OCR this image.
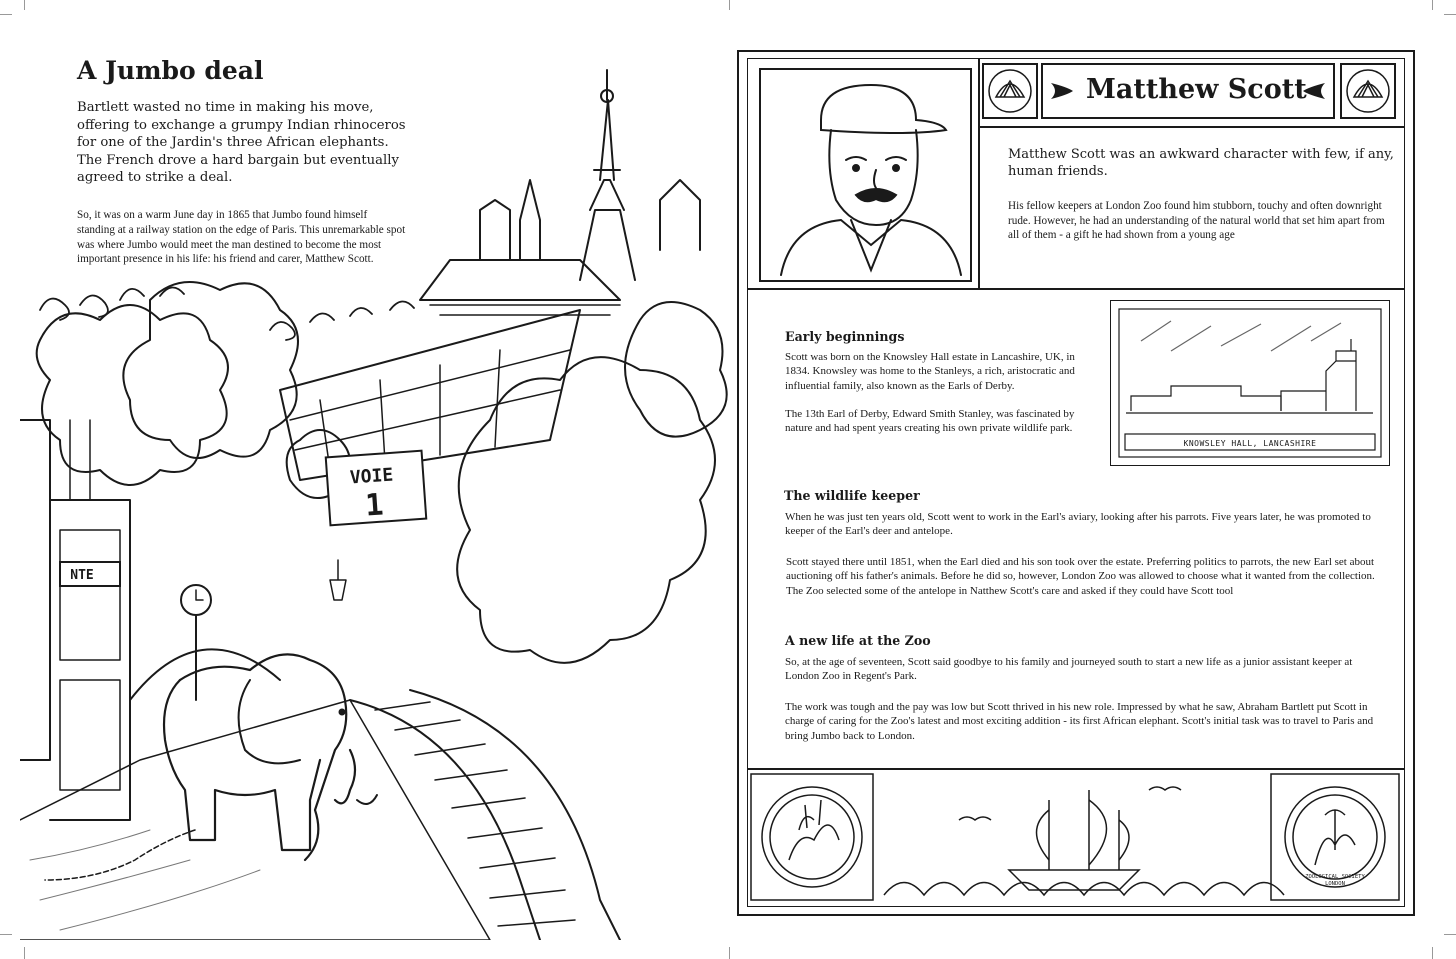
VOIE
1
NTE
A Jumbo deal
Bartlett wasted no time in making his move, offering to exchange a grumpy Indian rhinoceros for one of the Jardin's three African elephants. The French drove a hard bargain but eventually agreed to strike a deal.
So, it was on a warm June day in 1865 that Jumbo found himself standing at a railway station on the edge of Paris. This unremarkable spot was where Jumbo would meet the man destined to become the most important presence in his life: his friend and carer, Matthew Scott.
Matthew Scott
Matthew Scott was an awkward character with few, if any, human friends.
His fellow keepers at London Zoo found him stubborn, touchy and often downright rude. However, he had an understanding of the natural world that set him apart from all of them - a gift he had shown from a young age
Early beginnings
Scott was born on the Knowsley Hall estate in Lancashire, UK, in 1834. Knowsley was home to the Stanleys, a rich, aristocratic and influential family, also known as the Earls of Derby.
The 13th Earl of Derby, Edward Smith Stanley, was fascinated by nature and had spent years creating his own private wildlife park.
KNOWSLEY HALL, LANCASHIRE
The wildlife keeper
When he was just ten years old, Scott went to work in the Earl's aviary, looking after his parrots. Five years later, he was promoted to keeper of the Earl's deer and antelope.
Scott stayed there until 1851, when the Earl died and his son took over the estate. Preferring politics to parrots, the new Earl set about auctioning off his father's animals. Before he did so, however, London Zoo was allowed to choose what it wanted from the collection. The Zoo selected some of the antelope in Natthew Scott's care and asked if they could have Scott tool
A new life at the Zoo
So, at the age of seventeen, Scott said goodbye to his family and journeyed south to start a new life as a junior assistant keeper at London Zoo in Regent's Park.
The work was tough and the pay was low but Scott thrived in his new role. Impressed by what he saw, Abraham Bartlett put Scott in charge of caring for the Zoo's latest and most exciting addition - its first African elephant. Scott's initial task was to travel to Paris and bring Jumbo back to London.
ZOOLOGICAL SOCIETY
LONDON
